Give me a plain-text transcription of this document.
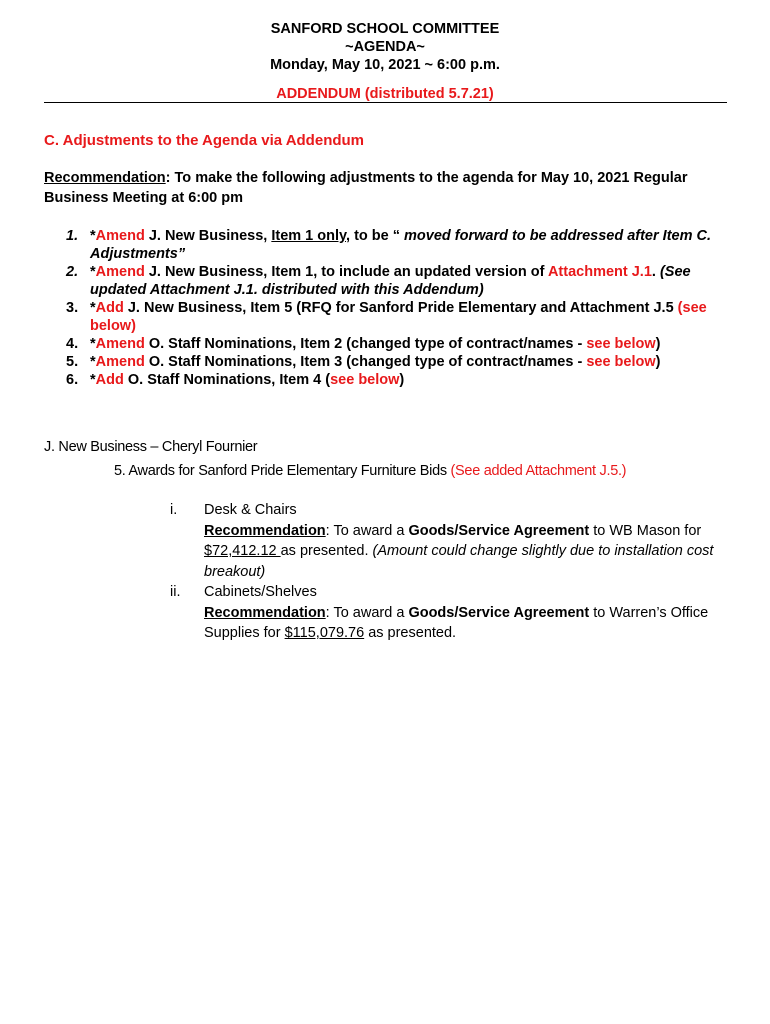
SANFORD SCHOOL COMMITTEE
~AGENDA~
Monday, May 10, 2021 ~ 6:00 p.m.
ADDENDUM (distributed 5.7.21)
C. Adjustments to the Agenda via Addendum
Recommendation: To make the following adjustments to the agenda for May 10, 2021 Regular Business Meeting at 6:00 pm
1. *Amend J. New Business, Item 1 only, to be “ moved forward to be addressed after Item C. Adjustments”
2. *Amend J. New Business, Item 1, to include an updated version of Attachment J.1. (See updated Attachment J.1. distributed with this Addendum)
3. *Add J. New Business, Item 5 (RFQ for Sanford Pride Elementary and Attachment J.5 (see below)
4. *Amend O. Staff Nominations, Item 2 (changed type of contract/names - see below)
5. *Amend O. Staff Nominations, Item 3 (changed type of contract/names - see below)
6. *Add O. Staff Nominations, Item 4 (see below)
J. New Business – Cheryl Fournier
5. Awards for Sanford Pride Elementary Furniture Bids (See added Attachment J.5.)
i. Desk & Chairs
Recommendation: To award a Goods/Service Agreement to WB Mason for $72,412.12 as presented. (Amount could change slightly due to installation cost breakout)
ii. Cabinets/Shelves
Recommendation: To award a Goods/Service Agreement to Warren’s Office Supplies for $115,079.76 as presented.
